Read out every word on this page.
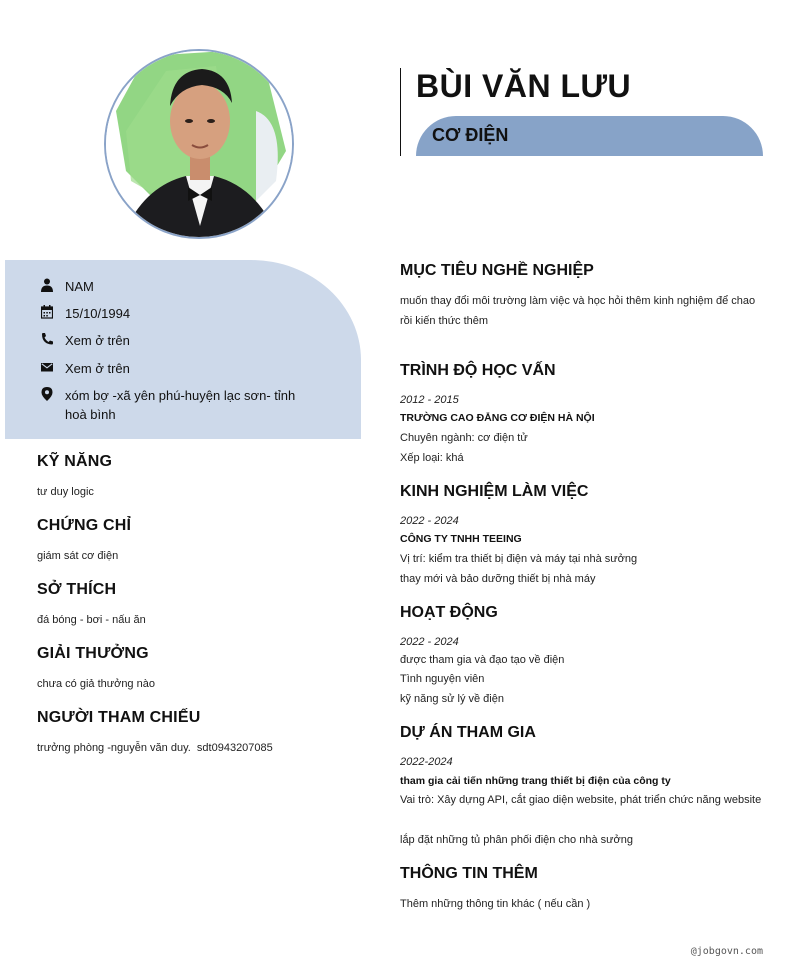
BÙI VĂN LƯU
CƠ ĐIỆN
NAM
15/10/1994
Xem ở trên
Xem ở trên
xóm bợ -xã yên phú-huyện lạc sơn- tỉnh hoà bình
KỸ NĂNG
tư duy logic
CHỨNG CHỈ
giám sát cơ điện
SỞ THÍCH
đá bóng - bơi - nấu ăn
GIẢI THƯỞNG
chưa có giả thưởng nào
NGƯỜI THAM CHIẾU
trưởng phòng -nguyễn văn duy.  sdt0943207085
MỤC TIÊU NGHỀ NGHIỆP
muốn thay đổi môi trường làm việc và học hỏi thêm kinh nghiệm để chao
rồi kiến thức thêm
TRÌNH ĐỘ HỌC VẤN
2012 - 2015
TRƯỜNG CAO ĐẲNG CƠ ĐIỆN HÀ NỘI
Chuyên ngành: cơ điện tử
Xếp loại: khá
KINH NGHIỆM LÀM VIỆC
2022 - 2024
CÔNG TY TNHH TEEING
Vị trí: kiểm tra thiết bị điện và máy tại nhà sưởng
thay mới và bảo dưỡng thiết bị nhà máy
HOẠT ĐỘNG
2022 - 2024
được tham gia và đạo tạo về điện
Tình nguyện viên
kỹ năng sử lý về điện
DỰ ÁN THAM GIA
2022-2024
tham gia cải tiến những trang thiết bị điện của công ty
Vai trò: Xây dựng API, cắt giao diện website, phát triển chức năng website
lắp đặt những tủ phân phối điện cho nhà sưởng
THÔNG TIN THÊM
Thêm những thông tin khác ( nếu cần )
@jobgovn.com
